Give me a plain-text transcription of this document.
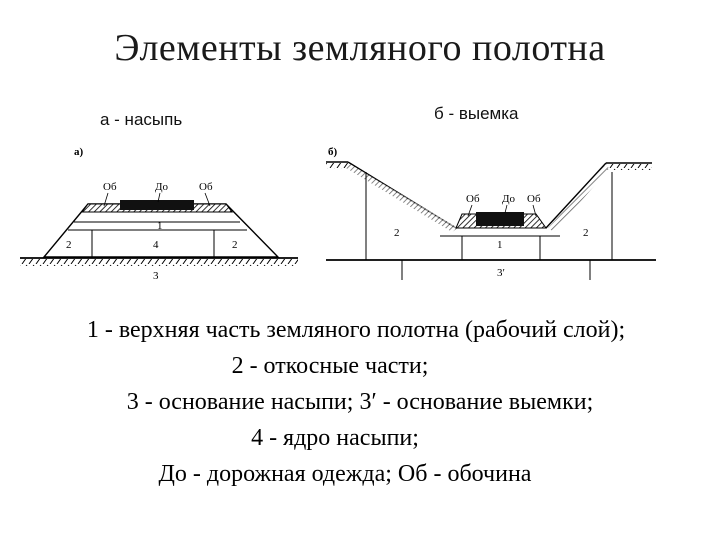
Элементы земляного полотна
а - насыпь	б - выемка
а)
Об	До	Об
1
2	4	2
3
б)
Об До Об
2
1
2
3′
1 - верхняя часть земляного полотна (рабочий слой);
2 - откосные части;
3 - основание насыпи; 3′ - основание выемки;
4 - ядро насыпи;
До - дорожная одежда; Об - обочина
